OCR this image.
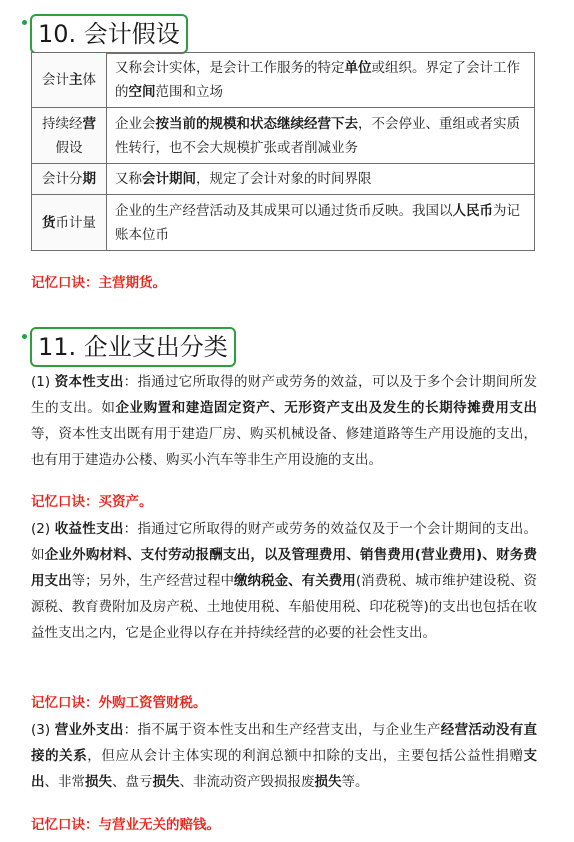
10. 会计假设
会计主体	又称会计实体，是会计工作服务的特定单位或组织。界定了会计工作的空间范围和立场
持续经营假设	企业会按当前的规模和状态继续经营下去，不会停业、重组或者实质性转行，也不会大规模扩张或者削减业务
会计分期	又称会计期间，规定了会计对象的时间界限
货币计量	企业的生产经营活动及其成果可以通过货币反映。我国以人民币为记账本位币
记忆口诀：主营期货。
11. 企业支出分类
(1) 资本性支出：指通过它所取得的财产或劳务的效益，可以及于多个会计期间所发生的支出。如企业购置和建造固定资产、无形资产支出及发生的长期待摊费用支出等，资本性支出既有用于建造厂房、购买机械设备、修建道路等生产用设施的支出，也有用于建造办公楼、购买小汽车等非生产用设施的支出。
记忆口诀：买资产。
(2) 收益性支出：指通过它所取得的财产或劳务的效益仅及于一个会计期间的支出。 如企业外购材料、支付劳动报酬支出，以及管理费用、销售费用(营业费用)、财务费用支出等；另外，生产经营过程中缴纳税金、有关费用(消费税、城市维护建设税、资源税、教育费附加及房产税、土地使用税、车船使用税、印花税等)的支出也包括在收益性支出之内，它是企业得以存在并持续经营的必要的社会性支出。
记忆口诀：外购工资管财税。
(3) 营业外支出：指不属于资本性支出和生产经营支出，与企业生产经营活动没有直接的关系，但应从会计主体实现的利润总额中扣除的支出，主要包括公益性捐赠支出、非常损失、盘亏损失、非流动资产毁损报废损失等。
记忆口诀：与营业无关的赔钱。
